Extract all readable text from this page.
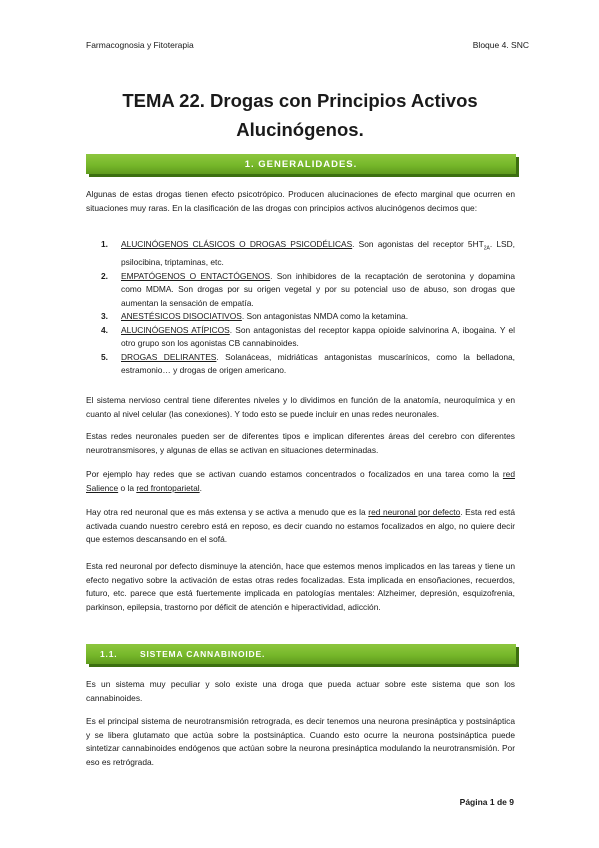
Farmacognosia y Fitoterapia	Bloque 4. SNC
TEMA 22. Drogas con Principios Activos
Alucinógenos.
1. GENERALIDADES.
Algunas de estas drogas tienen efecto psicotrópico. Producen alucinaciones de efecto marginal que ocurren en situaciones muy raras. En la clasificación de las drogas con principios activos alucinógenos decimos que:
1. ALUCINÓGENOS CLÁSICOS O DROGAS PSICODÉLICAS. Son agonistas del receptor $5HT_{2A}$. LSD, psilocibina, triptaminas, etc.
2. EMPATÓGENOS O ENTACTÓGENOS. Son inhibidores de la recaptación de serotonina y dopamina como MDMA. Son drogas por su origen vegetal y por su potencial uso de abuso, son drogas que aumentan la sensación de empatía.
3. ANESTÉSICOS DISOCIATIVOS. Son antagonistas NMDA como la ketamina.
4. ALUCINÓGENOS ATÍPICOS. Son antagonistas del receptor kappa opioide salvinorina A, ibogaina. Y el otro grupo son los agonistas CB cannabinoides.
5. DROGAS DELIRANTES. Solanáceas, midriáticas antagonistas muscarínicos, como la belladona, estramonio… y drogas de origen americano.
El sistema nervioso central tiene diferentes niveles y lo dividimos en función de la anatomía, neuroquímica y en cuanto al nivel celular (las conexiones). Y todo esto se puede incluir en unas redes neuronales.
Estas redes neuronales pueden ser de diferentes tipos e implican diferentes áreas del cerebro con diferentes neurotransmisores, y algunas de ellas se activan en situaciones determinadas.
Por ejemplo hay redes que se activan cuando estamos concentrados o focalizados en una tarea como la red Salience o la red frontoparietal.
Hay otra red neuronal que es más extensa y se activa a menudo que es la red neuronal por defecto. Esta red está activada cuando nuestro cerebro está en reposo, es decir cuando no estamos focalizados en algo, no quiere decir que estemos descansando en el sofá.
Esta red neuronal por defecto disminuye la atención, hace que estemos menos implicados en las tareas y tiene un efecto negativo sobre la activación de estas otras redes focalizadas. Esta implicada en ensoñaciones, recuerdos, futuro, etc. parece que está fuertemente implicada en patologías mentales: Alzheimer, depresión, esquizofrenia, parkinson, epilepsia, trastorno por déficit de atención e hiperactividad, adicción.
1.1.	SISTEMA CANNABINOIDE.
Es un sistema muy peculiar y solo existe una droga que pueda actuar sobre este sistema que son los cannabinoides.
Es el principal sistema de neurotransmisión retrograda, es decir tenemos una neurona presináptica y postsináptica y se libera glutamato que actúa sobre la postsináptica. Cuando esto ocurre la neurona postsináptica puede sintetizar cannabinoides endógenos que actúan sobre la neurona presináptica modulando la neurotransmisión. Por eso es retrógrada.
Página 1 de 9
